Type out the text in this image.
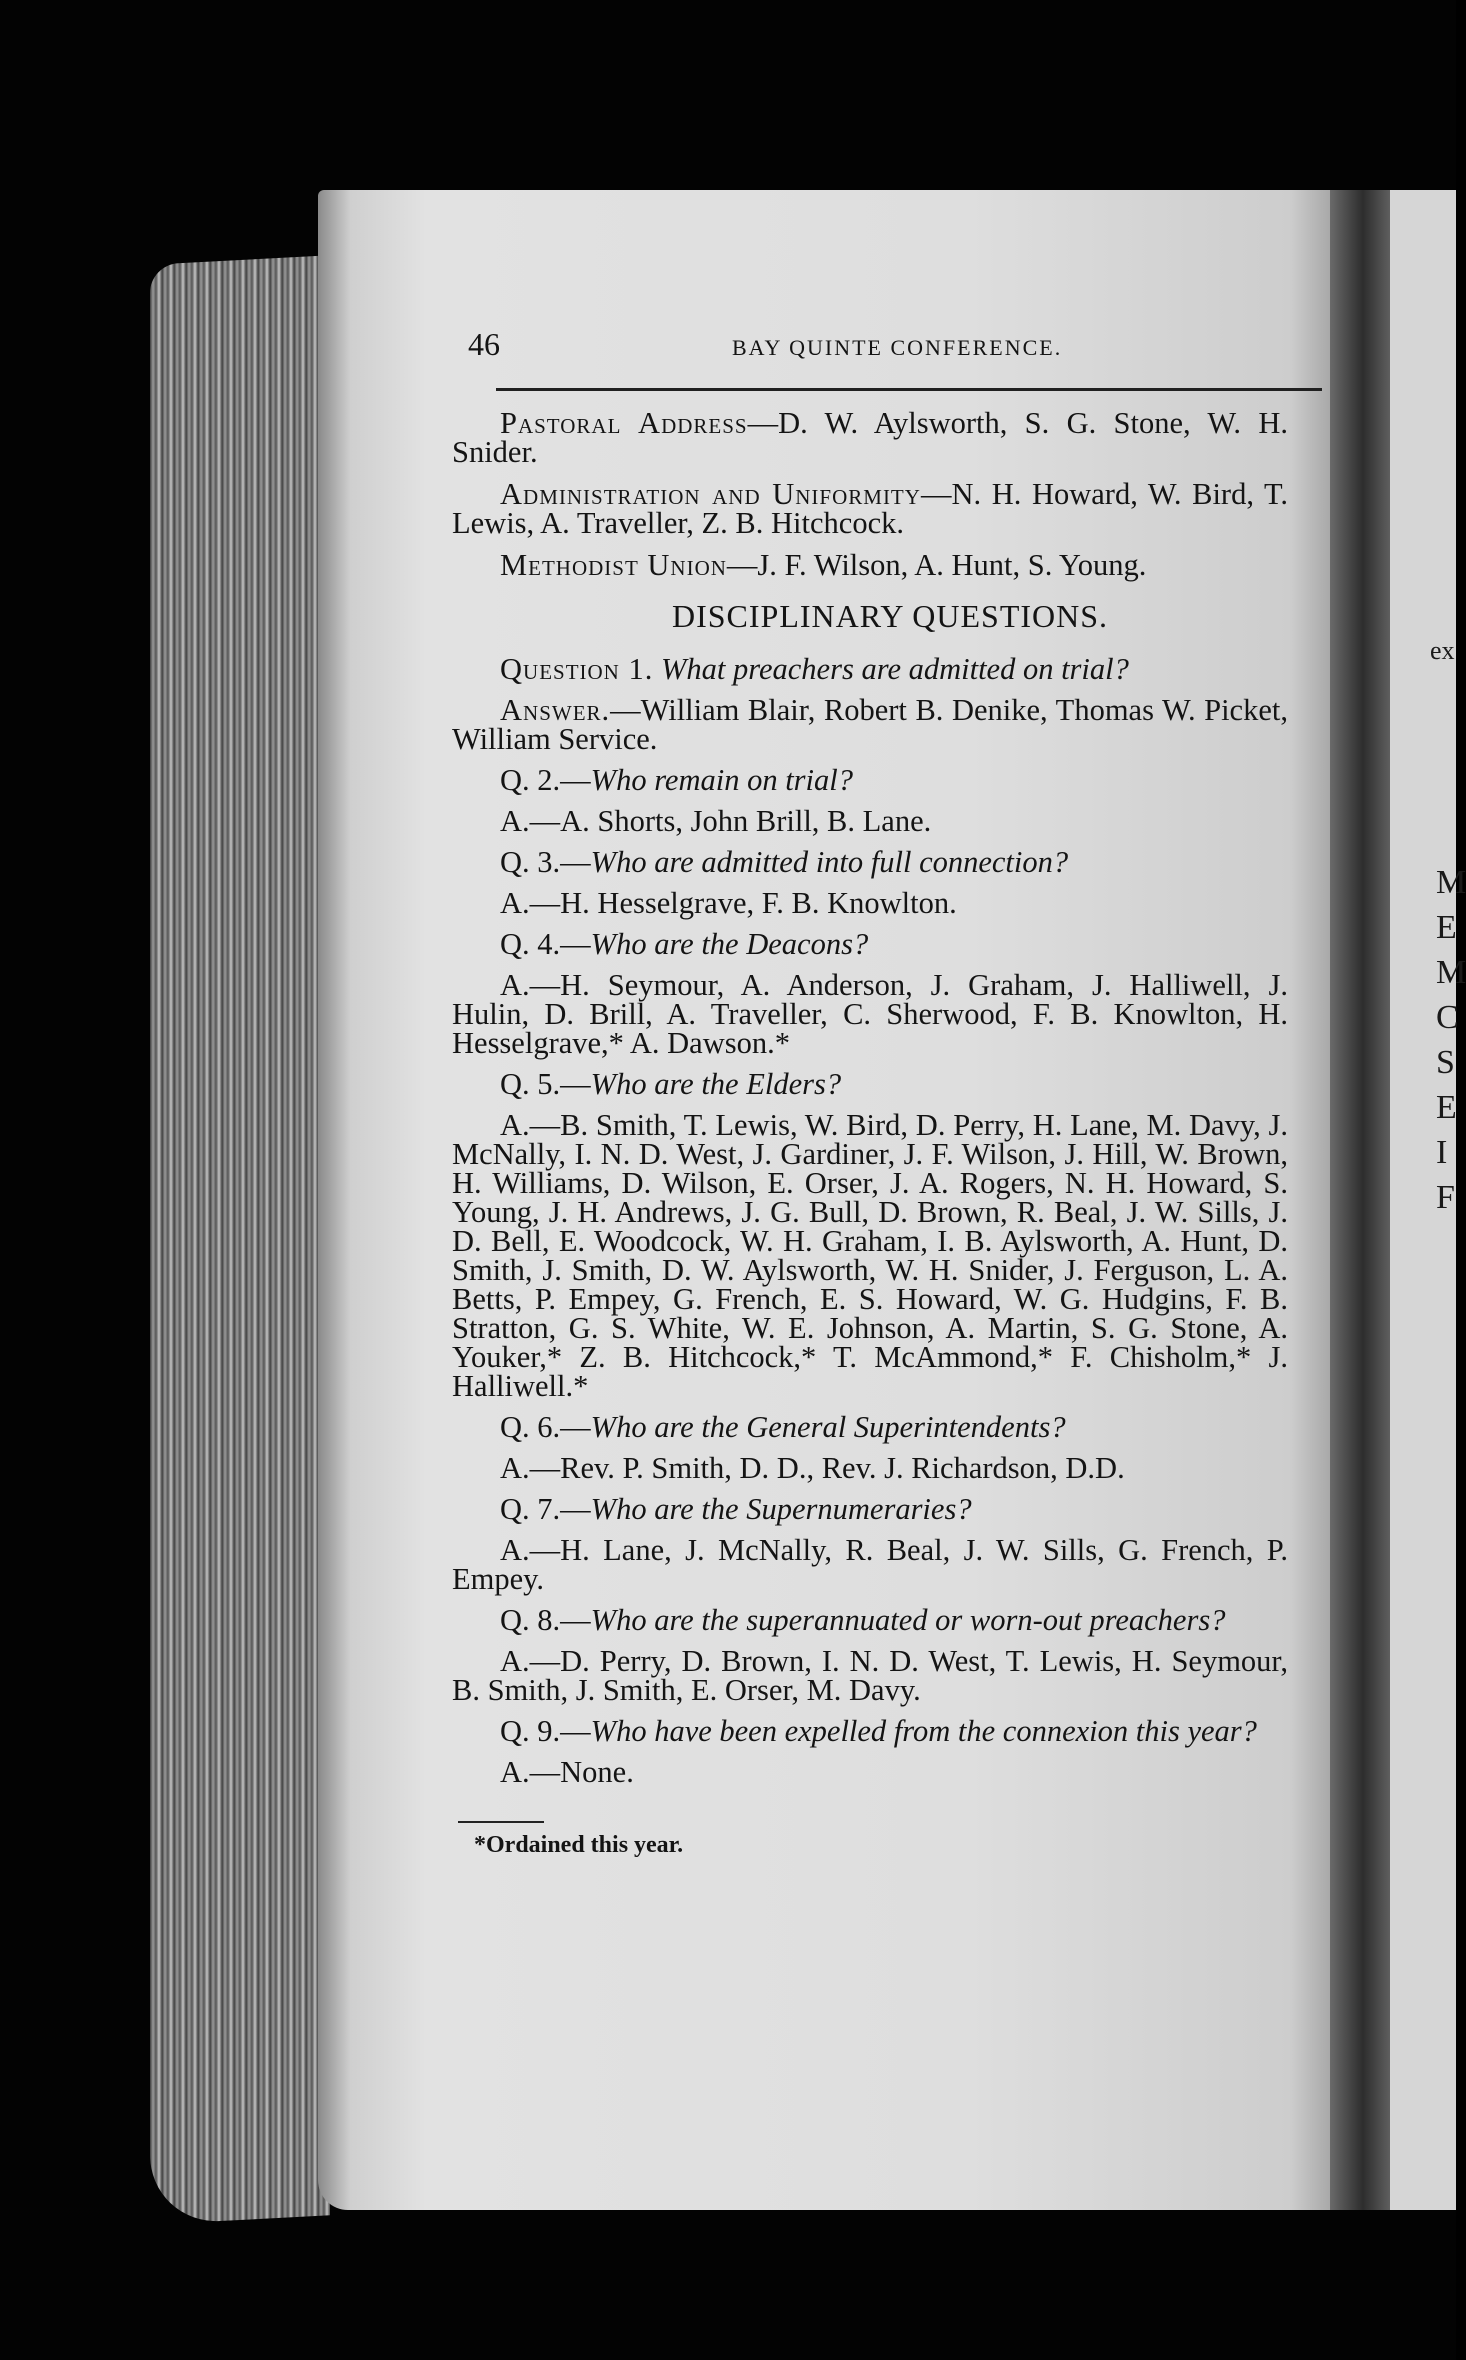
ex
M
E
M
C
S
E
I
F
46	BAY QUINTE CONFERENCE.

Pastoral Address—D. W. Aylsworth, S. G. Stone, W. H. Snider.

Administration and Uniformity—N. H. Howard, W. Bird, T. Lewis, A. Traveller, Z. B. Hitchcock.

Methodist Union—J. F. Wilson, A. Hunt, S. Young.

DISCIPLINARY QUESTIONS.

Question 1. What preachers are admitted on trial?

Answer.—William Blair, Robert B. Denike, Thomas W. Picket, William Service.

Q. 2.—Who remain on trial?

A.—A. Shorts, John Brill, B. Lane.

Q. 3.—Who are admitted into full connection?

A.—H. Hesselgrave, F. B. Knowlton.

Q. 4.—Who are the Deacons?

A.—H. Seymour, A. Anderson, J. Graham, J. Halliwell, J. Hulin, D. Brill, A. Traveller, C. Sherwood, F. B. Knowlton, H. Hesselgrave,* A. Dawson.*

Q. 5.—Who are the Elders?

A.—B. Smith, T. Lewis, W. Bird, D. Perry, H. Lane, M. Davy, J. McNally, I. N. D. West, J. Gardiner, J. F. Wilson, J. Hill, W. Brown, H. Williams, D. Wilson, E. Orser, J. A. Rogers, N. H. Howard, S. Young, J. H. Andrews, J. G. Bull, D. Brown, R. Beal, J. W. Sills, J. D. Bell, E. Woodcock, W. H. Graham, I. B. Aylsworth, A. Hunt, D. Smith, J. Smith, D. W. Aylsworth, W. H. Snider, J. Ferguson, L. A. Betts, P. Empey, G. French, E. S. Howard, W. G. Hudgins, F. B. Stratton, G. S. White, W. E. Johnson, A. Martin, S. G. Stone, A. Youker,* Z. B. Hitchcock,* T. McAmmond,* F. Chisholm,* J. Halliwell.*

Q. 6.—Who are the General Superintendents?

A.—Rev. P. Smith, D. D., Rev. J. Richardson, D.D.

Q. 7.—Who are the Supernumeraries?

A.—H. Lane, J. McNally, R. Beal, J. W. Sills, G. French, P. Empey.

Q. 8.—Who are the superannuated or worn-out preachers?

A.—D. Perry, D. Brown, I. N. D. West, T. Lewis, H. Seymour, B. Smith, J. Smith, E. Orser, M. Davy.

Q. 9.—Who have been expelled from the connexion this year?

A.—None.

*Ordained this year.
